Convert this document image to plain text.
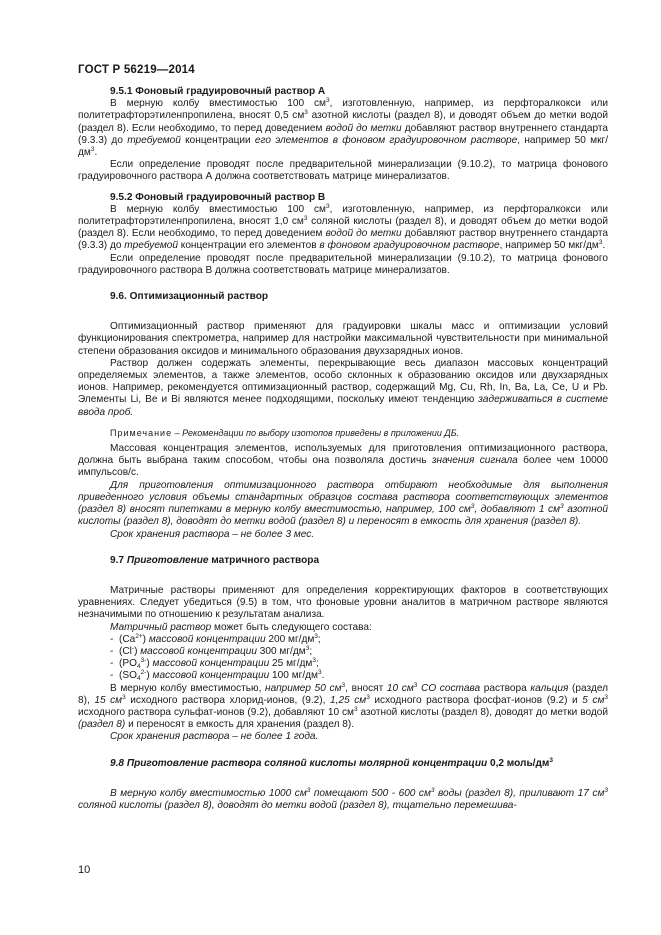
ГОСТ Р 56219—2014

9.5.1 Фоновый градуировочный раствор А

В мерную колбу вместимостью 100 $см^3$, изготовленную, например, из перфторалкокси или политетрафторэтиленпропилена, вносят 0,5 $см^3$ азотной кислоты (раздел 8), и доводят объем до метки водой (раздел 8). Если необходимо, то перед доведением водой до метки добавляют раствор внутреннего стандарта (9.3.3) до требуемой концентрации его элементов в фоновом градуировочном растворе, например 50 мкг/$дм^3$.

Если определение проводят после предварительной минерализации (9.10.2), то матрица фонового градуировочного раствора А должна соответствовать матрице минерализатов.

9.5.2 Фоновый градуировочный раствор В

В мерную колбу вместимостью 100 $см^3$, изготовленную, например, из перфторалкокси или политетрафторэтиленпропилена, вносят 1,0 $см^3$ соляной кислоты (раздел 8), и доводят объем до метки водой (раздел 8). Если необходимо, то перед доведением водой до метки добавляют раствор внутреннего стандарта (9.3.3) до требуемой концентрации его элементов в фоновом градуировочном растворе, например 50 мкг/$дм^3$.

Если определение проводят после предварительной минерализации (9.10.2), то матрица фонового градуировочного раствора В должна соответствовать матрице минерализатов.

9.6. Оптимизационный раствор

Оптимизационный раствор применяют для градуировки шкалы масс и оптимизации условий функционирования спектрометра, например для настройки максимальной чувствительности при минимальной степени образования оксидов и минимального образования двухзарядных ионов.

Раствор должен содержать элементы, перекрывающие весь диапазон массовых концентраций определяемых элементов, а также элементов, особо склонных к образованию оксидов или двухзарядных ионов. Например, рекомендуется оптимизационный раствор, содержащий Mg, Cu, Rh, In, Ba, La, Ce, U и Pb. Элементы Li, Be и Bi являются менее подходящими, поскольку имеют тенденцию задерживаться в системе ввода проб.

Примечание – Рекомендации по выбору изотопов приведены в приложении ДБ.

Массовая концентрация элементов, используемых для приготовления оптимизационного раствора, должна быть выбрана таким способом, чтобы она позволяла достичь значения сигнала более чем 10000 импульсов/с.

Для приготовления оптимизационного раствора отбирают необходимые для выполнения приведенного условия объемы стандартных образцов состава раствора соответствующих элементов (раздел 8) вносят пипетками в мерную колбу вместимостью, например, 100 $см^3$, добавляют 1 $см^3$ азотной кислоты (раздел 8), доводят до метки водой (раздел 8) и переносят в емкость для хранения (раздел 8).

Срок хранения раствора – не более 3 мес.

9.7 Приготовление матричного раствора

Матричные растворы применяют для определения корректирующих факторов в соответствующих уравнениях. Следует убедиться (9.5) в том, что фоновые уровни аналитов в матричном растворе являются незначимыми по отношению к результатам анализа.

Матричный раствор может быть следующего состава:

-  $(Ca^{2+})$ массовой концентрации 200 $мг/дм^3$;

-  (Cl-) массовой концентрации 300 $мг/дм^3$;

-  $(PO_4^{3-})$ массовой концентрации 25 $мг/дм^3$;

-  $(SO_4^{2-})$ массовой концентрации 100 $мг/дм^3$.

В мерную колбу вместимостью, например 50 $см^3$, вносят 10 $см^3$ CO состава раствора кальция (раздел 8), 15 $см^3$ исходного раствора хлорид-ионов, (9.2), 1,25 $см^3$ исходного раствора фосфат-ионов (9.2) и 5 $см^3$ исходного раствора сульфат-ионов (9.2), добавляют 10 $см^3$ азотной кислоты (раздел 8), доводят до метки водой (раздел 8) и переносят в емкость для хранения (раздел 8).

Срок хранения раствора – не более 1 года.

9.8 Приготовление раствора соляной кислоты молярной концентрации 0,2 моль/$дм^3$

В мерную колбу вместимостью 1000 $см^3$ помещают 500 - 600 $см^3$ воды (раздел 8), приливают 17 $см^3$ соляной кислоты (раздел 8), доводят до метки водой (раздел 8), тщательно перемешива-

10
